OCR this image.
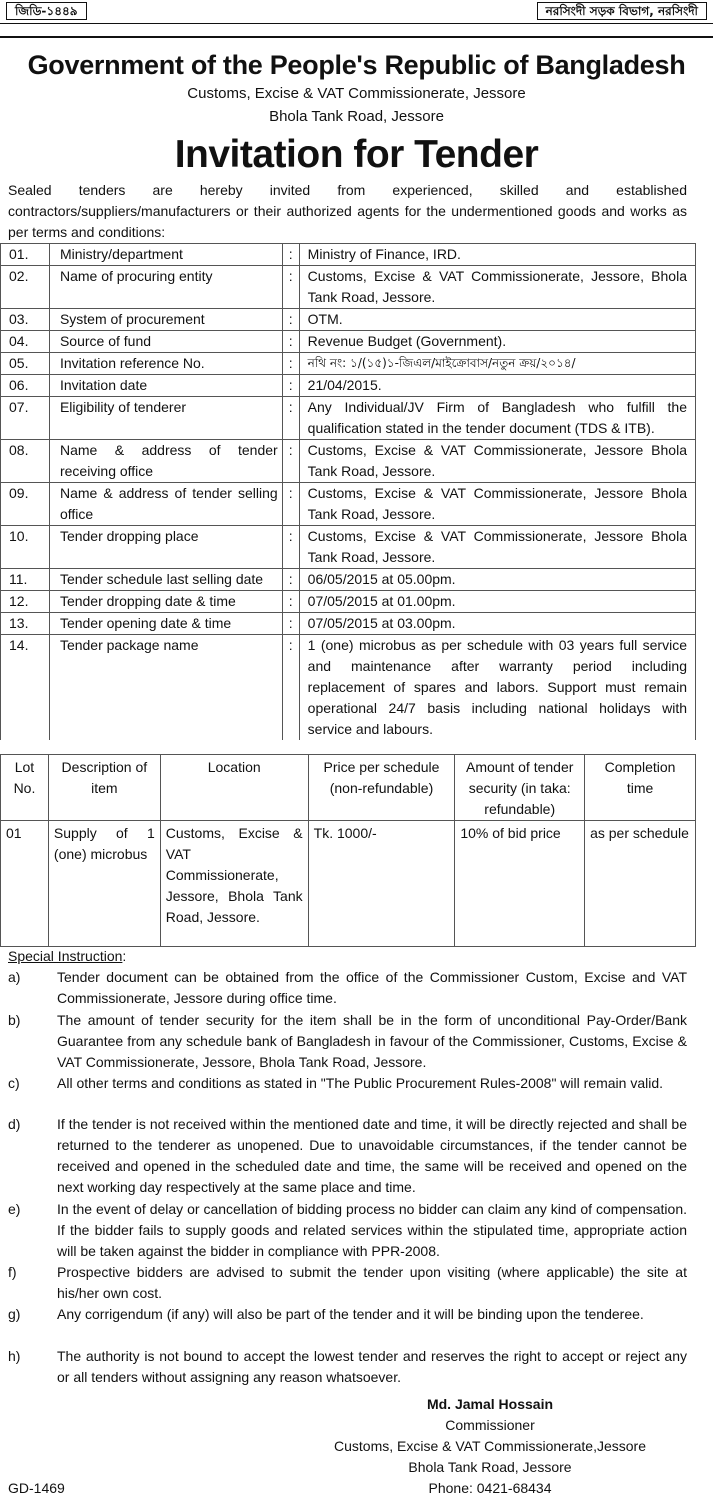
জিডি-১৪৪৯	নরসিংদী সড়ক বিভাগ, নরসিংদী
Government of the People's Republic of Bangladesh
Customs, Excise & VAT Commissionerate, Jessore
Bhola Tank Road, Jessore
Invitation for Tender
Sealed tenders are hereby invited from experienced, skilled and established contractors/suppliers/manufacturers or their authorized agents for the undermentioned goods and works as per terms and conditions:
01.	Ministry/department	:	Ministry of Finance, IRD.
02.	Name of procuring entity	:	Customs, Excise & VAT Commissionerate, Jessore, Bhola Tank Road, Jessore.
03.	System of procurement	:	OTM.
04.	Source of fund	:	Revenue Budget (Government).
05.	Invitation reference No.	:	নথি নং: ১/(১৫)১-জিএল/মাইক্রোবাস/নতুন ক্রয়/২০১৪/
06.	Invitation date	:	21/04/2015.
07.	Eligibility of tenderer	:	Any Individual/JV Firm of Bangladesh who fulfill the qualification stated in the tender document (TDS & ITB).
08.	Name & address of tender receiving office	:	Customs, Excise & VAT Commissionerate, Jessore Bhola Tank Road, Jessore.
09.	Name & address of tender selling office	:	Customs, Excise & VAT Commissionerate, Jessore Bhola Tank Road, Jessore.
10.	Tender dropping place	:	Customs, Excise & VAT Commissionerate, Jessore Bhola Tank Road, Jessore.
11.	Tender schedule last selling date	:	06/05/2015 at 05.00pm.
12.	Tender dropping date & time	:	07/05/2015 at 01.00pm.
13.	Tender opening date & time	:	07/05/2015 at 03.00pm.
14.	Tender package name	:	1 (one) microbus as per schedule with 03 years full service and maintenance after warranty period including replacement of spares and labors. Support must remain operational 24/7 basis including national holidays with service and labours.
Lot No.	Description of item	Location	Price per schedule (non-refundable)	Amount of tender security (in taka: refundable)	Completion time
01	Supply of 1 (one) microbus	Customs, Excise & VAT Commissionerate, Jessore, Bhola Tank Road, Jessore.	Tk. 1000/-	10% of bid price	as per schedule
Special Instruction:
a)	Tender document can be obtained from the office of the Commissioner Custom, Excise and VAT Commissionerate, Jessore during office time.
b)	The amount of tender security for the item shall be in the form of unconditional Pay-Order/Bank Guarantee from any schedule bank of Bangladesh in favour of the Commissioner, Customs, Excise & VAT Commissionerate, Jessore, Bhola Tank Road, Jessore.
c)	All other terms and conditions as stated in "The Public Procurement Rules-2008" will remain valid.
d)	If the tender is not received within the mentioned date and time, it will be directly rejected and shall be returned to the tenderer as unopened. Due to unavoidable circumstances, if the tender cannot be received and opened in the scheduled date and time, the same will be received and opened on the next working day respectively at the same place and time.
e)	In the event of delay or cancellation of bidding process no bidder can claim any kind of compensation. If the bidder fails to supply goods and related services within the stipulated time, appropriate action will be taken against the bidder in compliance with PPR-2008.
f)	Prospective bidders are advised to submit the tender upon visiting (where applicable) the site at his/her own cost.
g)	Any corrigendum (if any) will also be part of the tender and it will be binding upon the tenderee.
h)	The authority is not bound to accept the lowest tender and reserves the right to accept or reject any or all tenders without assigning any reason whatsoever.
Md. Jamal Hossain
Commissioner
Customs, Excise & VAT Commissionerate,Jessore
Bhola Tank Road, Jessore
Phone: 0421-68434
GD-1469
